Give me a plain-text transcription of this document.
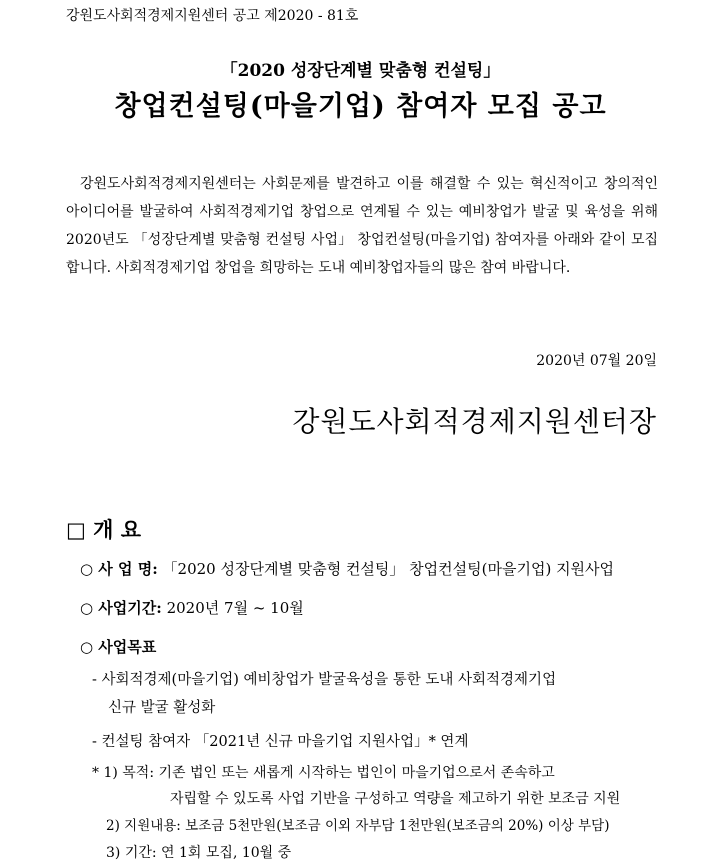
강원도사회적경제지원센터 공고 제2020 - 81호
「2020 성장단계별 맞춤형 컨설팅」
창업컨설팅(마을기업) 참여자 모집 공고

강원도사회적경제지원센터는 사회문제를 발견하고 이를 해결할 수 있는 혁신적이고 창의적인 아이디어를 발굴하여 사회적경제기업 창업으로 연계될 수 있는 예비창업가 발굴 및 육성을 위해 2020년도 「성장단계별 맞춤형 컨설팅 사업」 창업컨설팅(마을기업) 참여자를 아래와 같이 모집합니다. 사회적경제기업 창업을 희망하는 도내 예비창업자들의 많은 참여 바랍니다.

2020년 07월 20일
강원도사회적경제지원센터장
□ 개 요
○ 사 업 명: 「2020 성장단계별 맞춤형 컨설팅」 창업컨설팅(마을기업) 지원사업
○ 사업기간: 2020년 7월 ~ 10월
○ 사업목표
- 사회적경제(마을기업) 예비창업가 발굴육성을 통한 도내 사회적경제기업
신규 발굴 활성화
- 컨설팅 참여자 「2021년 신규 마을기업 지원사업」* 연계
* 1) 목적: 기존 법인 또는 새롭게 시작하는 법인이 마을기업으로서 존속하고
자립할 수 있도록 사업 기반을 구성하고 역량을 제고하기 위한 보조금 지원
2) 지원내용: 보조금 5천만원(보조금 이외 자부담 1천만원(보조금의 20%) 이상 부담)
3) 기간: 연 1회 모집, 10월 중
